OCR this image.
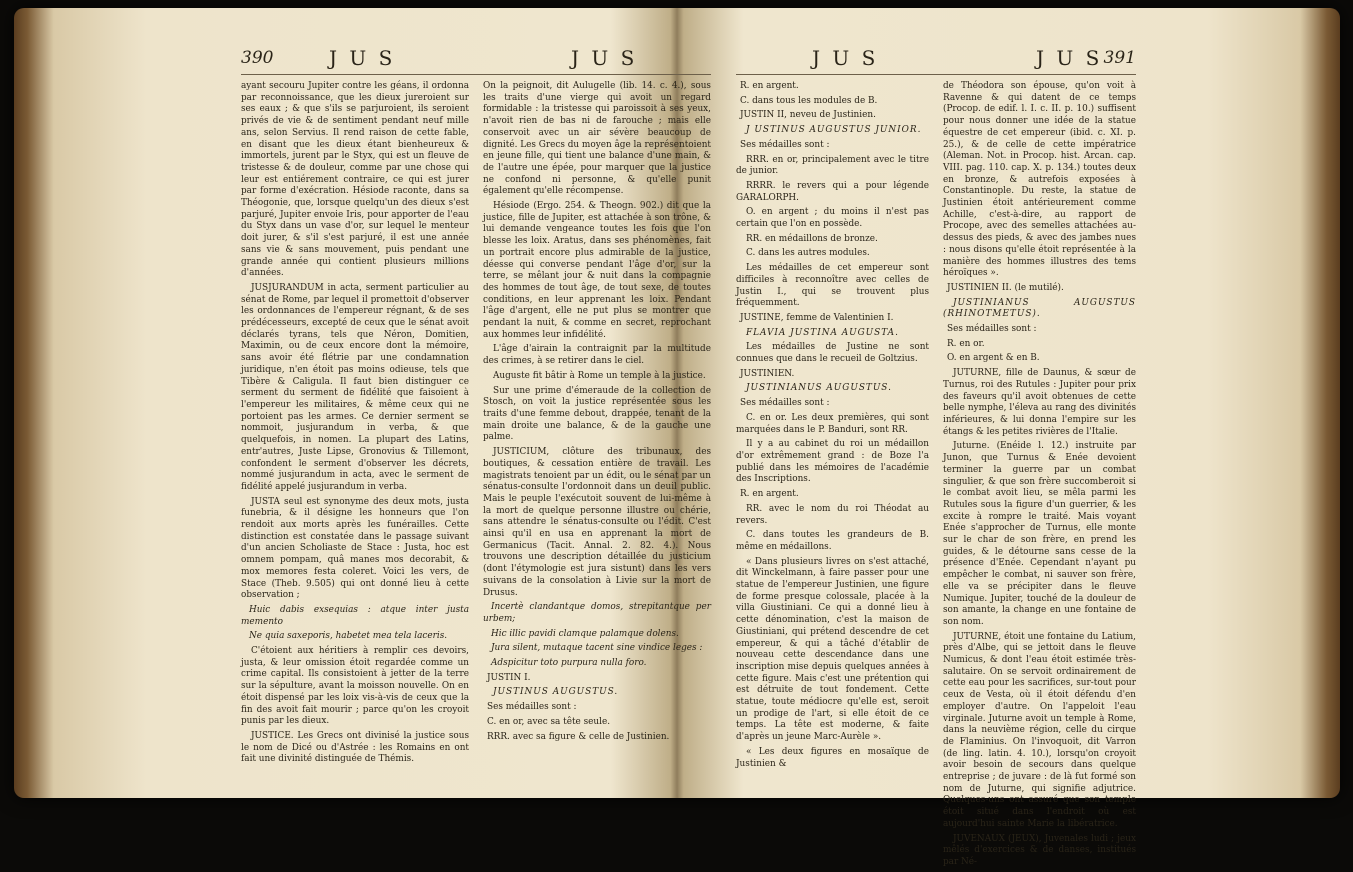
390	J U S	J U S

ayant secouru Jupiter contre les géans, il ordonna par reconnoissance, que les dieux jureroient sur ses eaux ; & que s'ils se parjuroient, ils seroient privés de vie & de sentiment pendant neuf mille ans, selon Servius. Il rend raison de cette fable, en disant que les dieux étant bienheureux & immortels, jurent par le Styx, qui est un fleuve de tristesse & de douleur, comme par une chose qui leur est entiérement contraire, ce qui est jurer par forme d'exécration. Hésiode raconte, dans sa Théogonie, que, lorsque quelqu'un des dieux s'est parjuré, Jupiter envoie Iris, pour apporter de l'eau du Styx dans un vase d'or, sur lequel le menteur doit jurer, & s'il s'est parjuré, il est une année sans vie & sans mouvement, puis pendant une grande année qui contient plusieurs millions d'années.

JUSJURANDUM in acta, serment particulier au sénat de Rome, par lequel il promettoit d'observer les ordonnances de l'empereur régnant, & de ses prédécesseurs, excepté de ceux que le sénat avoit déclarés tyrans, tels que Néron, Domitien, Maximin, ou de ceux encore dont la mémoire, sans avoir été flétrie par une condamnation juridique, n'en étoit pas moins odieuse, tels que Tibère & Caligula. Il faut bien distinguer ce serment du serment de fidélité que faisoient à l'empereur les militaires, & même ceux qui ne portoient pas les armes. Ce dernier serment se nommoit, jusjurandum in verba, & que quelquefois, in nomen. La plupart des Latins, entr'autres, Juste Lipse, Gronovius & Tillemont, confondent le serment d'observer les décrets, nommé jusjurandum in acta, avec le serment de fidélité appelé jusjurandum in verba.

JUSTA seul est synonyme des deux mots, justa funebria, & il désigne les honneurs que l'on rendoit aux morts après les funérailles. Cette distinction est constatée dans le passage suivant d'un ancien Scholiaste de Stace : Justa, hoc est omnem pompam, quâ manes mos decorabit, & mox memores festa coleret. Voici les vers, de Stace (Theb. 9.505) qui ont donné lieu à cette observation ;

Huic dabis exsequias : atque inter justa memento

Ne quia saxeporis, habetet mea tela laceris.

C'étoient aux héritiers à remplir ces devoirs, justa, & leur omission étoit regardée comme un crime capital. Ils consistoient à jetter de la terre sur la sépulture, avant la moisson nouvelle. On en étoit dispensé par les loix vis-à-vis de ceux que la fin des avoit fait mourir ; parce qu'on les croyoit punis par les dieux.

JUSTICE. Les Grecs ont divinisé la justice sous le nom de Dicé ou d'Astrée : les Romains en ont fait une divinité distinguée de Thémis.

On la peignoit, dit Aulugelle (lib. 14. c. 4.), sous les traits d'une vierge qui avoit un regard formidable : la tristesse qui paroissoit à ses yeux, n'avoit rien de bas ni de farouche ; mais elle conservoit avec un air sévère beaucoup de dignité. Les Grecs du moyen âge la représentoient en jeune fille, qui tient une balance d'une main, & de l'autre une épée, pour marquer que la justice ne confond ni personne, & qu'elle punit également qu'elle récompense.

Hésiode (Ergo. 254. & Theogn. 902.) dit que la justice, fille de Jupiter, est attachée à son trône, & lui demande vengeance toutes les fois que l'on blesse les loix. Aratus, dans ses phénomènes, fait un portrait encore plus admirable de la justice, déesse qui converse pendant l'âge d'or, sur la terre, se mêlant jour & nuit dans la compagnie des hommes de tout âge, de tout sexe, de toutes conditions, en leur apprenant les loix. Pendant l'âge d'argent, elle ne put plus se montrer que pendant la nuit, & comme en secret, reprochant aux hommes leur infidélité.

L'âge d'airain la contraignit par la multitude des crimes, à se retirer dans le ciel.

Auguste fit bâtir à Rome un temple à la justice.

Sur une prime d'émeraude de la collection de Stosch, on voit la justice représentée sous les traits d'une femme debout, drappée, tenant de la main droite une balance, & de la gauche une palme.

JUSTICIUM, clôture des tribunaux, des boutiques, & cessation entière de travail. Les magistrats tenoient par un édit, ou le sénat par un sénatus-consulte l'ordonnoit dans un deuil public. Mais le peuple l'exécutoit souvent de lui-même à la mort de quelque personne illustre ou chérie, sans attendre le sénatus-consulte ou l'édit. C'est ainsi qu'il en usa en apprenant la mort de Germanicus (Tacit. Annal. 2. 82. 4.). Nous trouvons une description détaillée du justicium (dont l'étymologie est jura sistunt) dans les vers suivans de la consolation à Livie sur la mort de Drusus.

Incertè clandantque domos, strepitantque per urbem;

Hic illic pavidi clamque palamque dolens.

Jura silent, mutaque tacent sine vindice leges :

Adspicitur toto purpura nulla foro.

JUSTIN I.

JUSTINUS AUGUSTUS.

Ses médailles sont :

C. en or, avec sa tête seule.

RRR. avec sa figure & celle de Justinien.

J U S	J U S 391

R. en argent.

C. dans tous les modules de B.

JUSTIN II, neveu de Justinien.

J USTINUS AUGUSTUS JUNIOR.

Ses médailles sont :

RRR. en or, principalement avec le titre de junior.

RRRR. le revers qui a pour légende GARALORPH.

O. en argent ; du moins il n'est pas certain que l'on en possède.

RR. en médaillons de bronze.

C. dans les autres modules.

Les médailles de cet empereur sont difficiles à reconnoître avec celles de Justin I., qui se trouvent plus fréquemment.

JUSTINE, femme de Valentinien I.

FLAVIA JUSTINA AUGUSTA.

Les médailles de Justine ne sont connues que dans le recueil de Goltzius.

JUSTINIEN.

JUSTINIANUS AUGUSTUS.

Ses médailles sont :

C. en or. Les deux premières, qui sont marquées dans le P. Banduri, sont RR.

Il y a au cabinet du roi un médaillon d'or extrêmement grand : de Boze l'a publié dans les mémoires de l'académie des Inscriptions.

R. en argent.

RR. avec le nom du roi Théodat au revers.

C. dans toutes les grandeurs de B. même en médaillons.

« Dans plusieurs livres on s'est attaché, dit Winckelmann, à faire passer pour une statue de l'empereur Justinien, une figure de forme presque colossale, placée à la villa Giustiniani. Ce qui a donné lieu à cette dénomination, c'est la maison de Giustiniani, qui prétend descendre de cet empereur, & qui a tâché d'établir de nouveau cette descendance dans une inscription mise depuis quelques années à cette figure. Mais c'est une prétention qui est détruite de tout fondement. Cette statue, toute médiocre qu'elle est, seroit un prodige de l'art, si elle étoit de ce temps. La tête est moderne, & faite d'après un jeune Marc-Aurèle ».

« Les deux figures en mosaïque de Justinien &

de Théodora son épouse, qu'on voit à Ravenne & qui datent de ce temps (Procop. de edif. l. I. c. II. p. 10.) suffisent pour nous donner une idée de la statue équestre de cet empereur (ibid. c. XI. p. 25.), & de celle de cette impératrice (Aleman. Not. in Procop. hist. Arcan. cap. VIII. pag. 110. cap. X. p. 134.) toutes deux en bronze, & autrefois exposées à Constantinople. Du reste, la statue de Justinien étoit antérieurement comme Achille, c'est-à-dire, au rapport de Procope, avec des semelles attachées au-dessus des pieds, & avec des jambes nues : nous disons qu'elle étoit représentée à la manière des hommes illustres des tems héroïques ».

JUSTINIEN II. (le mutilé).

JUSTINIANUS AUGUSTUS (RHINOTMETUS).

Ses médailles sont :

R. en or.

O. en argent & en B.

JUTURNE, fille de Daunus, & sœur de Turnus, roi des Rutules : Jupiter pour prix des faveurs qu'il avoit obtenues de cette belle nymphe, l'éleva au rang des divinités inférieures, & lui donna l'empire sur les étangs & les petites rivières de l'Italie.

Juturne. (Enéide l. 12.) instruite par Junon, que Turnus & Enée devoient terminer la guerre par un combat singulier, & que son frère succomberoit si le combat avoit lieu, se mêla parmi les Rutules sous la figure d'un guerrier, & les excite à rompre le traité. Mais voyant Enée s'approcher de Turnus, elle monte sur le char de son frère, en prend les guides, & le détourne sans cesse de la présence d'Enée. Cependant n'ayant pu empêcher le combat, ni sauver son frère, elle va se précipiter dans le fleuve Numique. Jupiter, touché de la douleur de son amante, la change en une fontaine de son nom.

JUTURNE, étoit une fontaine du Latium, près d'Albe, qui se jettoit dans le fleuve Numicus, & dont l'eau étoit estimée très-salutaire. On se servoit ordinairement de cette eau pour les sacrifices, sur-tout pour ceux de Vesta, où il étoit défendu d'en employer d'autre. On l'appeloit l'eau virginale. Juturne avoit un temple à Rome, dans la neuvième région, celle du cirque de Flaminius. On l'invoquoit, dit Varron (de ling. latin. 4. 10.), lorsqu'on croyoit avoir besoin de secours dans quelque entreprise ; de juvare : de là fut formé son nom de Juturne, qui signifie adjutrice. Quelques-uns ont assuré que son temple étoit situé dans l'endroit où est aujourd'hui sainte Marie la libératrice.

JUVENAUX (JEUX), Juvenales ludi ; jeux mêlés d'exercices & de danses, institués par Né-
